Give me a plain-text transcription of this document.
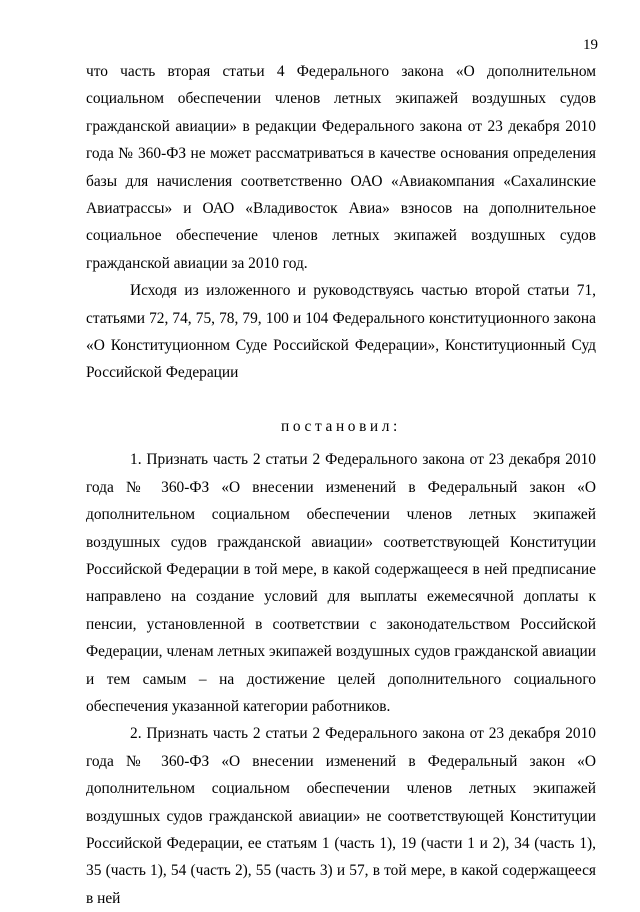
19

что часть вторая статьи 4 Федерального закона «О дополнительном социальном обеспечении членов летных экипажей воздушных судов гражданской авиации» в редакции Федерального закона от 23 декабря 2010 года № 360-ФЗ не может рассматриваться в качестве основания определения базы для начисления соответственно ОАО «Авиакомпания «Сахалинские Авиатрассы» и ОАО «Владивосток Авиа» взносов на дополнительное социальное обеспечение членов летных экипажей воздушных судов гражданской авиации за 2010 год.

Исходя из изложенного и руководствуясь частью второй статьи 71, статьями 72, 74, 75, 78, 79, 100 и 104 Федерального конституционного закона «О Конституционном Суде Российской Федерации», Конституционный Суд Российской Федерации

постановил:

1. Признать часть 2 статьи 2 Федерального закона от 23 декабря 2010 года № 360-ФЗ «О внесении изменений в Федеральный закон «О дополнительном социальном обеспечении членов летных экипажей воздушных судов гражданской авиации» соответствующей Конституции Российской Федерации в той мере, в какой содержащееся в ней предписание направлено на создание условий для выплаты ежемесячной доплаты к пенсии, установленной в соответствии с законодательством Российской Федерации, членам летных экипажей воздушных судов гражданской авиации и тем самым – на достижение целей дополнительного социального обеспечения указанной категории работников.

2. Признать часть 2 статьи 2 Федерального закона от 23 декабря 2010 года № 360-ФЗ «О внесении изменений в Федеральный закон «О дополнительном социальном обеспечении членов летных экипажей воздушных судов гражданской авиации» не соответствующей Конституции Российской Федерации, ее статьям 1 (часть 1), 19 (части 1 и 2), 34 (часть 1), 35 (часть 1), 54 (часть 2), 55 (часть 3) и 57, в той мере, в какой содержащееся в ней
